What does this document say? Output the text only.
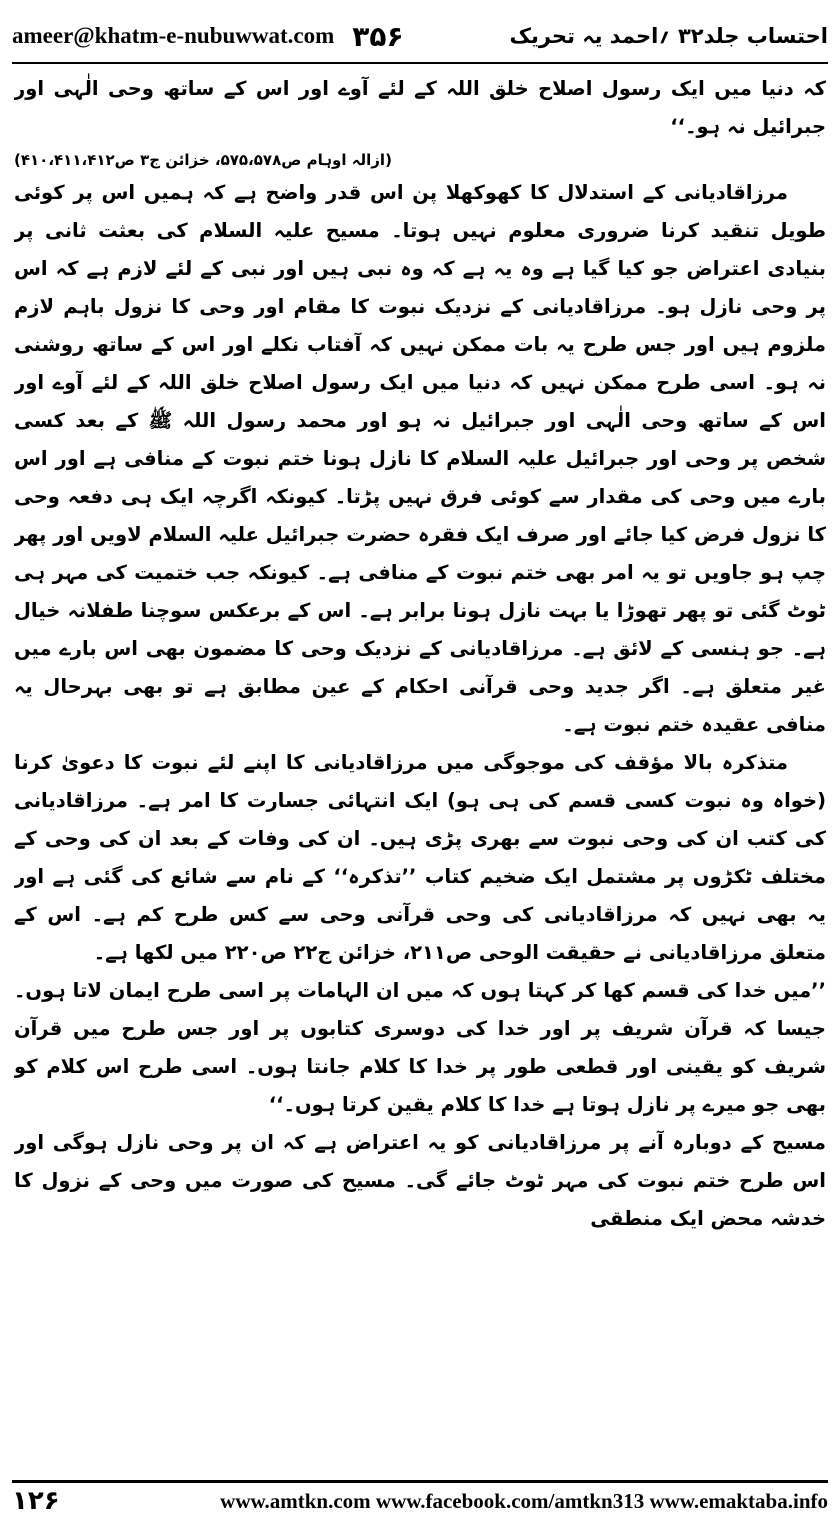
ameer@khatm-e-nubuwwat.com ۳۵۶	احتساب جلد۳۲ ؍احمد یہ تحریک

کہ دنیا میں ایک رسول اصلاح خلق اللہ کے لئے آوے اور اس کے ساتھ وحی الٰہی اور جبرائیل نہ ہو۔‘‘

(ازالہ اوہام ص۵۷۵،۵۷۸، خزائن ج۳ ص۴۱۰،۴۱۱،۴۱۲)

مرزاقادیانی کے استدلال کا کھوکھلا پن اس قدر واضح ہے کہ ہمیں اس پر کوئی طویل تنقید کرنا ضروری معلوم نہیں ہوتا۔ مسیح علیہ السلام کی بعثت ثانی پر بنیادی اعتراض جو کیا گیا ہے وہ یہ ہے کہ وہ نبی ہیں اور نبی کے لئے لازم ہے کہ اس پر وحی نازل ہو۔ مرزاقادیانی کے نزدیک نبوت کا مقام اور وحی کا نزول باہم لازم ملزوم ہیں اور جس طرح یہ بات ممکن نہیں کہ آفتاب نکلے اور اس کے ساتھ روشنی نہ ہو۔ اسی طرح ممکن نہیں کہ دنیا میں ایک رسول اصلاح خلق اللہ کے لئے آوے اور اس کے ساتھ وحی الٰہی اور جبرائیل نہ ہو اور محمد رسول اللہ ﷺ کے بعد کسی شخص پر وحی اور جبرائیل علیہ السلام کا نازل ہونا ختم نبوت کے منافی ہے اور اس بارے میں وحی کی مقدار سے کوئی فرق نہیں پڑتا۔ کیونکہ اگرچہ ایک ہی دفعہ وحی کا نزول فرض کیا جائے اور صرف ایک فقرہ حضرت جبرائیل علیہ السلام لاویں اور پھر چپ ہو جاویں تو یہ امر بھی ختم نبوت کے منافی ہے۔ کیونکہ جب ختمیت کی مہر ہی ٹوٹ گئی تو پھر تھوڑا یا بہت نازل ہونا برابر ہے۔ اس کے برعکس سوچنا طفلانہ خیال ہے۔ جو ہنسی کے لائق ہے۔ مرزاقادیانی کے نزدیک وحی کا مضمون بھی اس بارے میں غیر متعلق ہے۔ اگر جدید وحی قرآنی احکام کے عین مطابق ہے تو بھی بہرحال یہ منافی عقیدہ ختم نبوت ہے۔

متذکرہ بالا مؤقف کی موجوگی میں مرزاقادیانی کا اپنے لئے نبوت کا دعویٰ کرنا (خواہ وہ نبوت کسی قسم کی ہی ہو) ایک انتہائی جسارت کا امر ہے۔ مرزاقادیانی کی کتب ان کی وحی نبوت سے بھری پڑی ہیں۔ ان کی وفات کے بعد ان کی وحی کے مختلف ٹکڑوں پر مشتمل ایک ضخیم کتاب ’’تذکرہ‘‘ کے نام سے شائع کی گئی ہے اور یہ بھی نہیں کہ مرزاقادیانی کی وحی قرآنی وحی سے کس طرح کم ہے۔ اس کے متعلق مرزاقادیانی نے حقیقت الوحی ص۲۱۱، خزائن ج۲۲ ص۲۲۰ میں لکھا ہے۔

’’میں خدا کی قسم کھا کر کہتا ہوں کہ میں ان الہامات پر اسی طرح ایمان لاتا ہوں۔ جیسا کہ قرآن شریف پر اور خدا کی دوسری کتابوں پر اور جس طرح میں قرآن شریف کو یقینی اور قطعی طور پر خدا کا کلام جانتا ہوں۔ اسی طرح اس کلام کو بھی جو میرے پر نازل ہوتا ہے خدا کا کلام یقین کرتا ہوں۔‘‘

مسیح کے دوبارہ آنے پر مرزاقادیانی کو یہ اعتراض ہے کہ ان پر وحی نازل ہوگی اور اس طرح ختم نبوت کی مہر ٹوٹ جائے گی۔ مسیح کی صورت میں وحی کے نزول کا خدشہ محض ایک منطقی

۱۲۶	www.amtkn.com www.facebook.com/amtkn313 www.emaktaba.info
